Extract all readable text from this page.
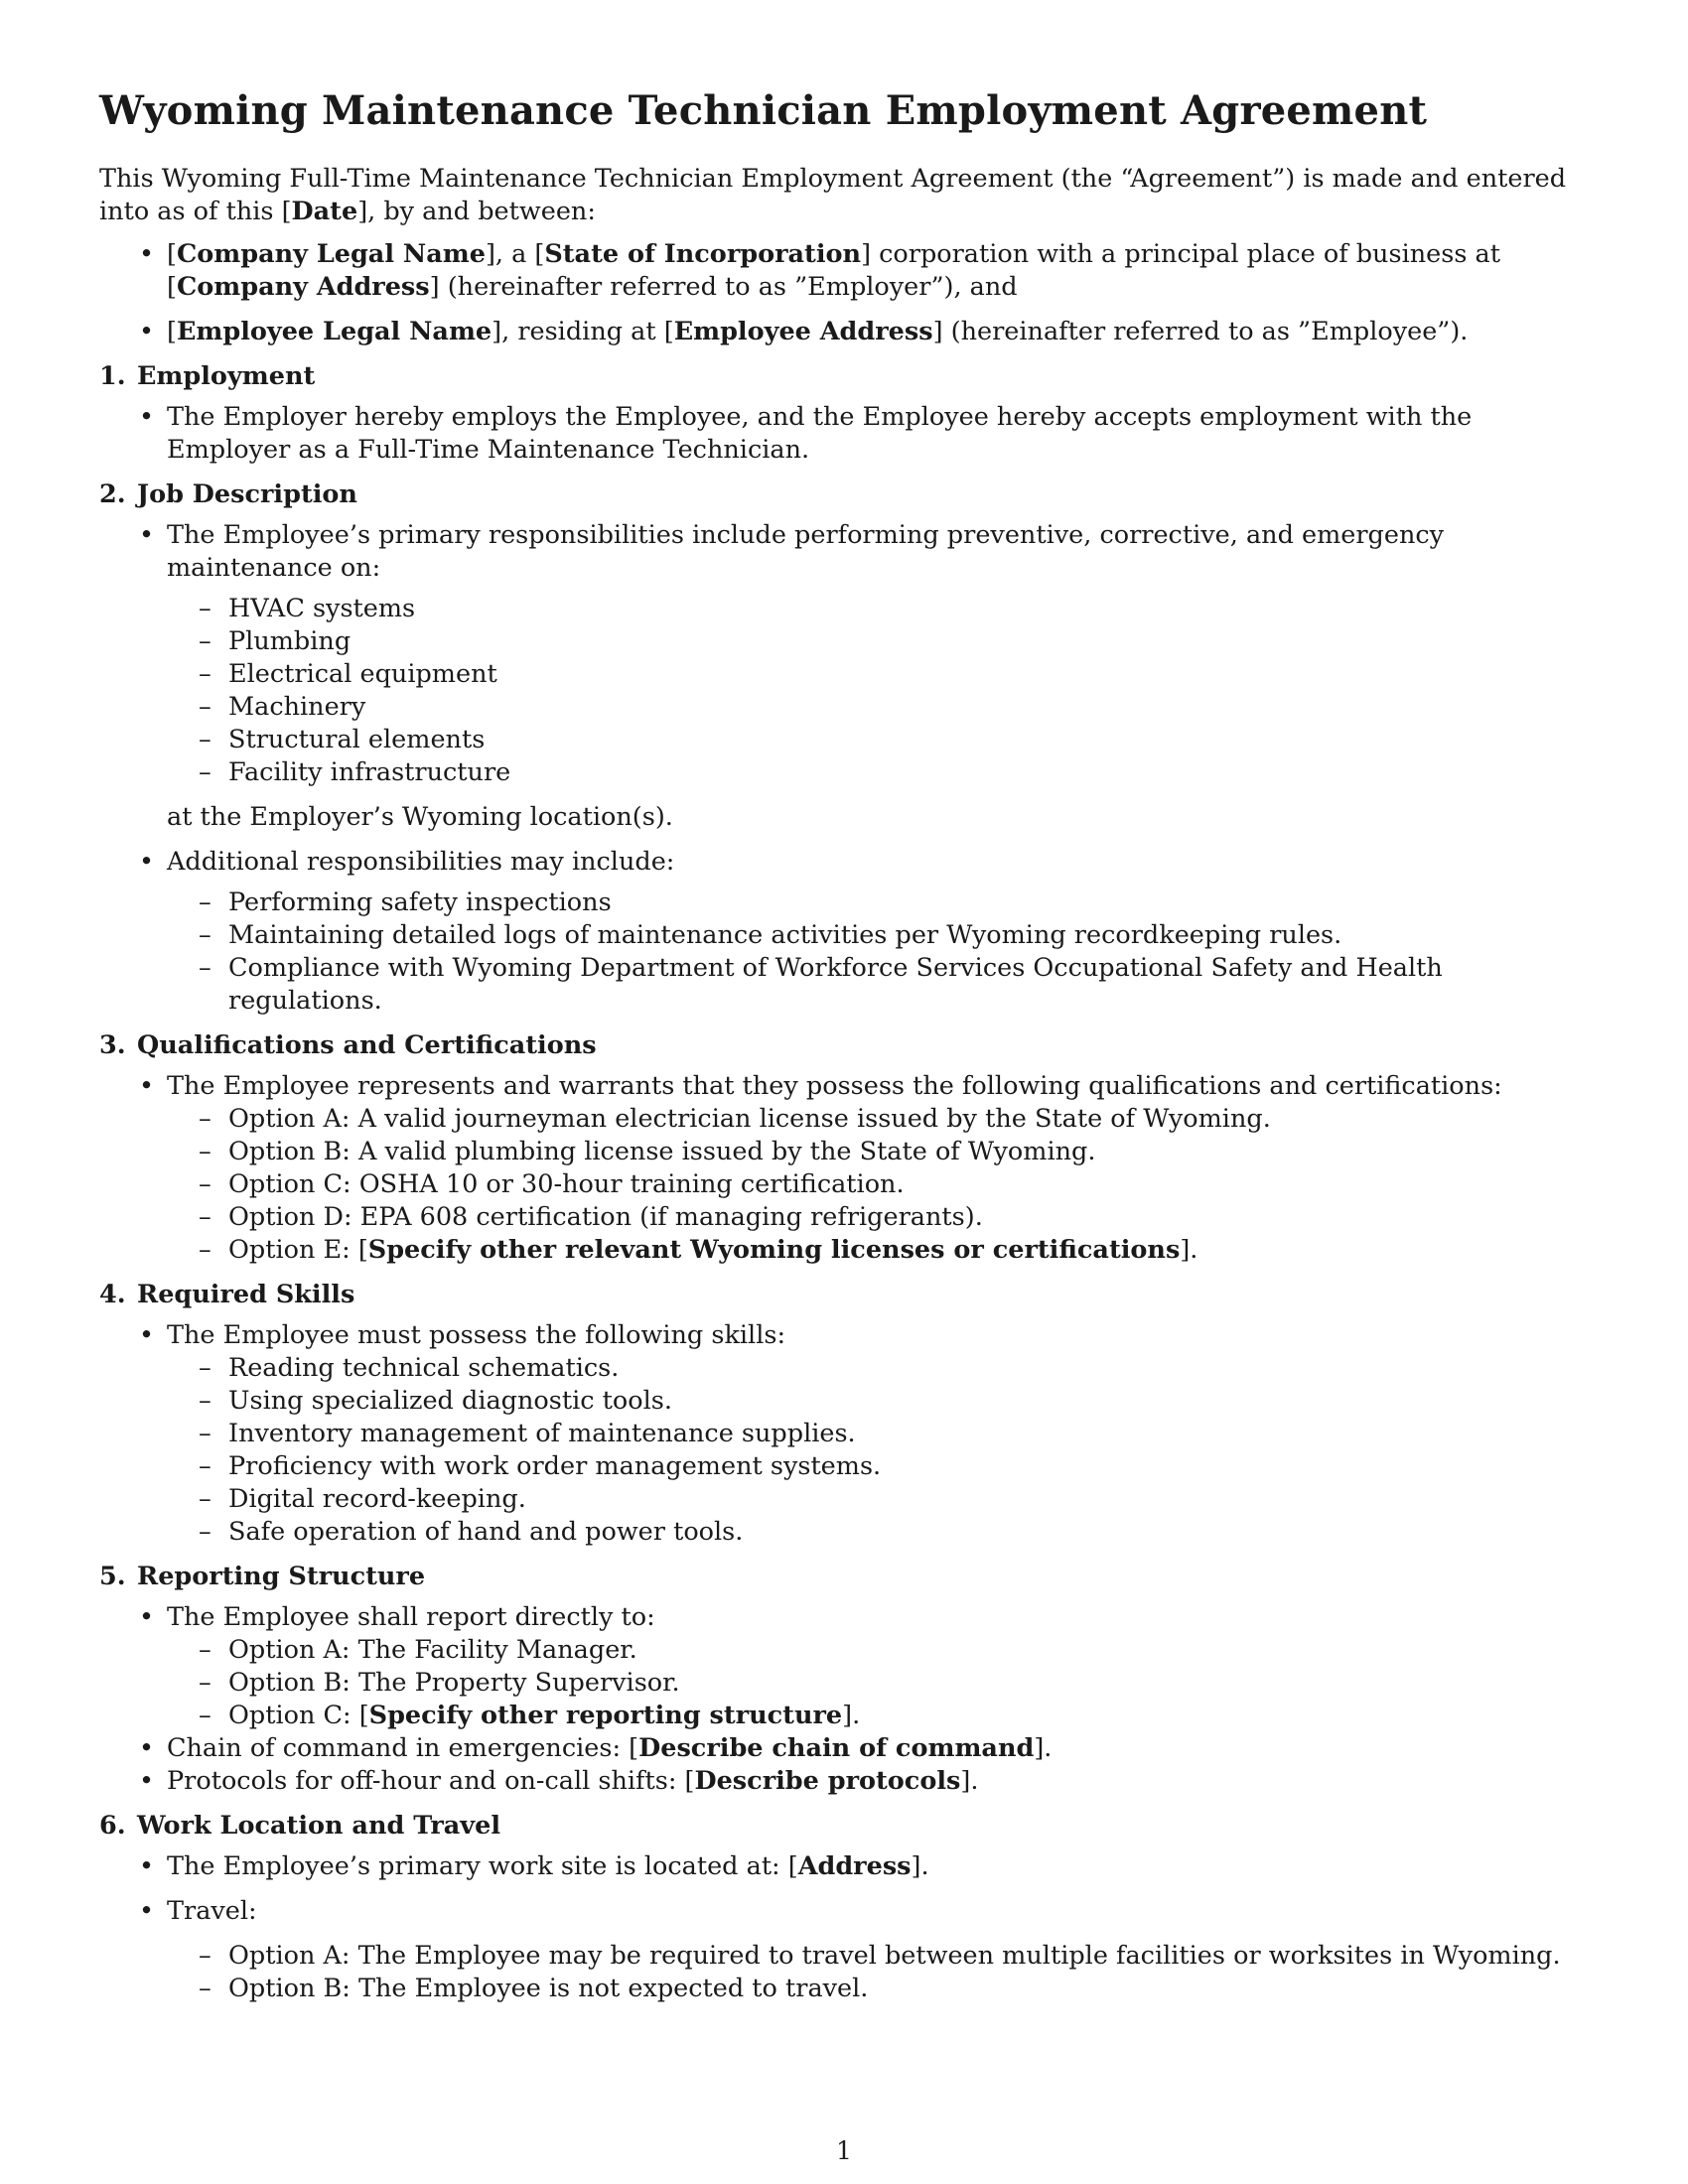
Wyoming Maintenance Technician Employment Agreement

This Wyoming Full-Time Maintenance Technician Employment Agreement (the “Agreement”) is made and entered into as of this [Date], by and between:

• [Company Legal Name], a [State of Incorporation] corporation with a principal place of business at [Company Address] (hereinafter referred to as ”Employer”), and
• [Employee Legal Name], residing at [Employee Address] (hereinafter referred to as ”Employee”).
1. Employment
• The Employer hereby employs the Employee, and the Employee hereby accepts employment with the Employer as a Full-Time Maintenance Technician.
2. Job Description
• The Employee’s primary responsibilities include performing preventive, corrective, and emergency maintenance on:
– HVAC systems
– Plumbing
– Electrical equipment
– Machinery
– Structural elements
– Facility infrastructure
at the Employer’s Wyoming location(s).
• Additional responsibilities may include:
– Performing safety inspections
– Maintaining detailed logs of maintenance activities per Wyoming recordkeeping rules.
– Compliance with Wyoming Department of Workforce Services Occupational Safety and Health regulations.
3. Qualifications and Certifications
• The Employee represents and warrants that they possess the following qualifications and certifications:
– Option A: A valid journeyman electrician license issued by the State of Wyoming.
– Option B: A valid plumbing license issued by the State of Wyoming.
– Option C: OSHA 10 or 30-hour training certification.
– Option D: EPA 608 certification (if managing refrigerants).
– Option E: [Specify other relevant Wyoming licenses or certifications].
4. Required Skills
• The Employee must possess the following skills:
– Reading technical schematics.
– Using specialized diagnostic tools.
– Inventory management of maintenance supplies.
– Proficiency with work order management systems.
– Digital record-keeping.
– Safe operation of hand and power tools.
5. Reporting Structure
• The Employee shall report directly to:
– Option A: The Facility Manager.
– Option B: The Property Supervisor.
– Option C: [Specify other reporting structure].
• Chain of command in emergencies: [Describe chain of command].
• Protocols for off-hour and on-call shifts: [Describe protocols].
6. Work Location and Travel
• The Employee’s primary work site is located at: [Address].
• Travel:
– Option A: The Employee may be required to travel between multiple facilities or worksites in Wyoming.
– Option B: The Employee is not expected to travel.
1
